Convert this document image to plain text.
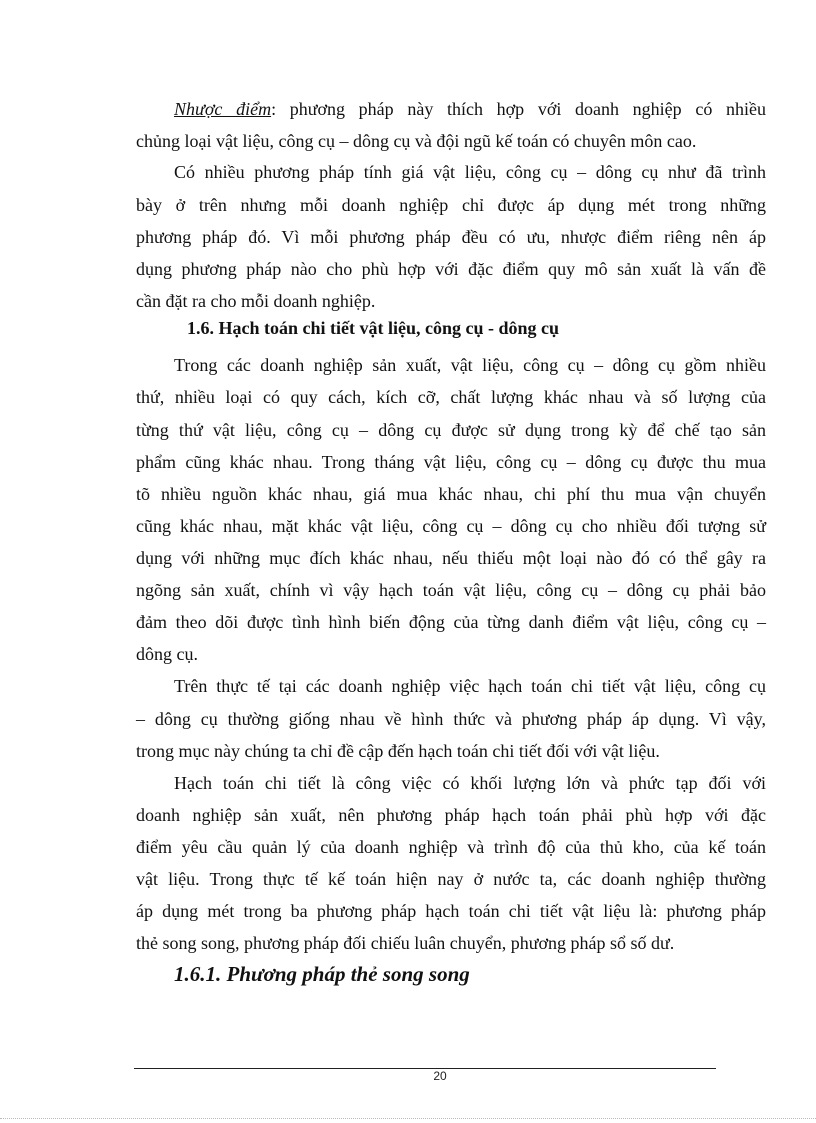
Nhược điểm: phương pháp này thích hợp với doanh nghiệp có nhiều
chủng loại vật liệu, công cụ – dông cụ và đội ngũ kế toán có chuyên môn cao.
Có nhiều phương pháp tính giá vật liệu, công cụ – dông cụ như đã trình
bày ở trên nhưng mỗi doanh nghiệp chỉ được áp dụng mét trong những
phương pháp đó. Vì mỗi phương pháp đều có ưu, nhược điểm riêng nên áp
dụng phương pháp nào cho phù hợp với đặc điểm quy mô sản xuất là vấn đề
cần đặt ra cho mỗi doanh nghiệp.
1.6. Hạch toán chi tiết vật liệu, công cụ - dông cụ
Trong các doanh nghiệp sản xuất, vật liệu, công cụ – dông cụ gồm nhiều
thứ, nhiều loại có quy cách, kích cỡ, chất lượng khác nhau và số lượng của
từng thứ vật liệu, công cụ – dông cụ được sử dụng trong kỳ để chế tạo sản
phẩm cũng khác nhau. Trong tháng vật liệu, công cụ – dông cụ được thu mua
tõ nhiều nguồn khác nhau, giá mua khác nhau, chi phí thu mua vận chuyển
cũng khác nhau, mặt khác vật liệu, công cụ – dông cụ cho nhiều đối tượng sử
dụng với những mục đích khác nhau, nếu thiếu một loại nào đó có thể gây ra
ngõng sản xuất, chính vì vậy hạch toán vật liệu, công cụ – dông cụ phải bảo
đảm theo dõi được tình hình biến động của từng danh điểm vật liệu, công cụ –
dông cụ.
Trên thực tế tại các doanh nghiệp việc hạch toán chi tiết vật liệu, công cụ
– dông cụ thường giống nhau về hình thức và phương pháp áp dụng. Vì vậy,
trong mục này chúng ta chỉ đề cập đến hạch toán chi tiết đối với vật liệu.
Hạch toán chi tiết là công việc có khối lượng lớn và phức tạp đối với
doanh nghiệp sản xuất, nên phương pháp hạch toán phải phù hợp với đặc
điểm yêu cầu quản lý của doanh nghiệp và trình độ của thủ kho, của kế toán
vật liệu. Trong thực tế kế toán hiện nay ở nước ta, các doanh nghiệp thường
áp dụng mét trong ba phương pháp hạch toán chi tiết vật liệu là: phương pháp
thẻ song song, phương pháp đối chiếu luân chuyển, phương pháp sổ số dư.
1.6.1. Phương pháp thẻ song song
20
